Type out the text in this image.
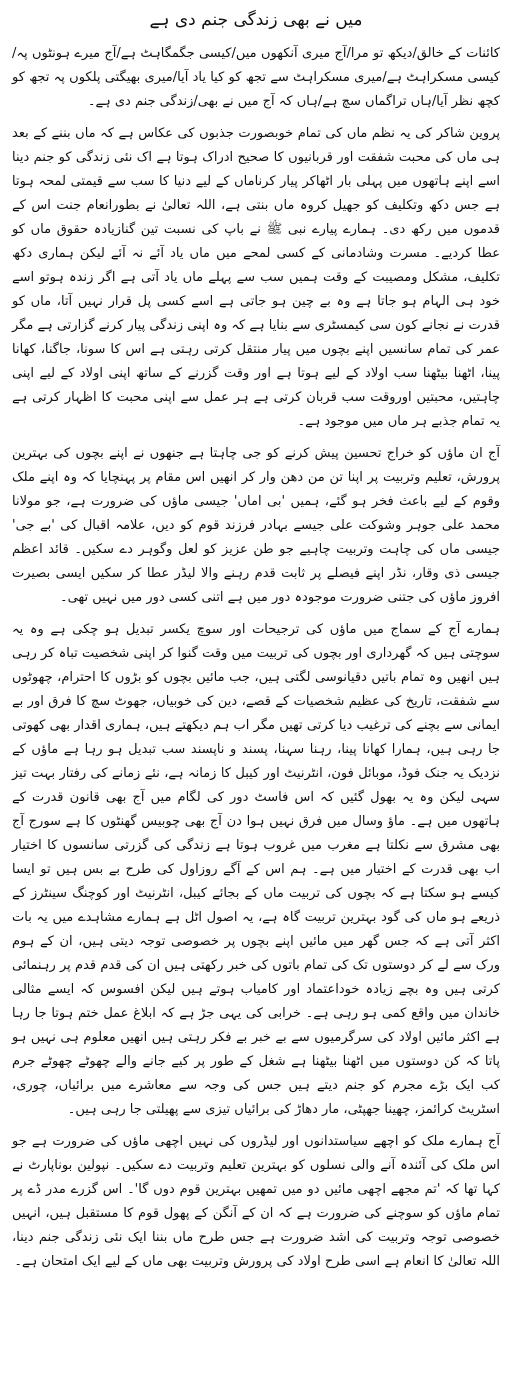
میں نے بھی زندگی جنم دی ہے

کائنات کے خالق/دیکھ تو مرا/آج میری آنکھوں میں/کیسی جگمگاہٹ ہے/آج میرے ہونٹوں پہ/کیسی مسکراہٹ ہے/میری مسکراہٹ سے تجھ کو کیا یاد آیا/میری بھیگتی پلکوں پہ تجھ کو کچھ نظر آیا/ہاں تراگماں سچ ہے/ہاں کہ آج میں نے بھی/زندگی جنم دی ہے۔

پروین شاکر کی یہ نظم ماں کی تمام خوبصورت جذبوں کی عکاس ہے کہ ماں بننے کے بعد ہی ماں کی محبت شفقت اور قربانیوں کا صحیح ادراک ہوتا ہے اک نئی زندگی کو جنم دینا اسے اپنے ہاتھوں میں پہلی بار اٹھاکر پیار کرناماں کے لیے دنیا کا سب سے قیمتی لمحہ ہوتا ہے جس دکھ وتکلیف کو جھیل کروہ ماں بنتی ہے، اللہ تعالیٰ نے بطورانعام جنت اس کے قدموں میں رکھ دی۔ ہمارے پیارے نبی ﷺ نے باپ کی نسبت تین گنازیادہ حقوق ماں کو عطا کردیے۔ مسرت وشادمانی کے کسی لمحے میں ماں یاد آئے نہ آئے لیکن ہماری دکھ تکلیف، مشکل ومصیبت کے وقت ہمیں سب سے پہلے ماں یاد آتی ہے اگر زندہ ہوتو اسے خود ہی الہام ہو جاتا ہے وہ بے چین ہو جاتی ہے اسے کسی پل قرار نہیں آتا، ماں کو قدرت نے نجانے کون سی کیمسٹری سے بنایا ہے کہ وہ اپنی زندگی پیار کرنے گزارتی ہے مگر عمر کی تمام سانسیں اپنے بچوں میں پیار منتقل کرتی رہتی ہے اس کا سونا، جاگنا، کھانا پینا، اٹھنا بیٹھنا سب اولاد کے لیے ہوتا ہے اور وقت گزرنے کے ساتھ اپنی اولاد کے لیے اپنی چاہتیں، محبتیں اوروقت سب قربان کرتی ہے ہر عمل سے اپنی محبت کا اظہار کرتی ہے یہ تمام جذبے ہر ماں میں موجود ہے۔

آج ان ماؤں کو خراج تحسین پیش کرنے کو جی چاہتا ہے جنھوں نے اپنے بچوں کی بہترین پرورش، تعلیم وتربیت پر اپنا تن من دھن وار کر انھیں اس مقام پر پہنچایا کہ وہ اپنے ملک وقوم کے لیے باعث فخر ہو گئے، ہمیں 'بی اماں' جیسی ماؤں کی ضرورت ہے، جو مولانا محمد علی جوہر وشوکت علی جیسے بہادر فرزند قوم کو دیں، علامہ اقبال کی 'بے جی' جیسی ماں کی چاہت وتربیت چاہیے جو طن عزیز کو لعل وگوہر دے سکیں۔ قائد اعظم جیسی ذی وقار، نڈر اپنے فیصلے پر ثابت قدم رہنے والا لیڈر عطا کر سکیں ایسی بصیرت افروز ماؤں کی جتنی ضرورت موجودہ دور میں ہے اتنی کسی دور میں نہیں تھی۔

ہمارے آج کے سماج میں ماؤں کی ترجیحات اور سوچ یکسر تبدیل ہو چکی ہے وہ یہ سوچتی ہیں کہ گھرداری اور بچوں کی تربیت میں وقت گنوا کر اپنی شخصیت تباہ کر رہی ہیں انھیں وہ تمام باتیں دقیانوسی لگتی ہیں، جب مائیں بچوں کو بڑوں کا احترام، چھوٹوں سے شفقت، تاریخ کی عظیم شخصیات کے قصے، دین کی خوبیاں، جھوٹ سچ کا فرق اور بے ایمانی سے بچنے کی ترغیب دیا کرتی تھیں مگر اب ہم دیکھتے ہیں، ہماری اقدار بھی کھوتی جا رہی ہیں، ہمارا کھانا پینا، رہنا سہنا، پسند و ناپسند سب تبدیل ہو رہا ہے ماؤں کے نزدیک یہ جنک فوڈ، موبائل فون، انٹرنیٹ اور کیبل کا زمانہ ہے، نئے زمانے کی رفتار بہت تیز سہی لیکن وہ یہ بھول گئیں کہ اس فاسٹ دور کی لگام میں آج بھی قانون قدرت کے ہاتھوں میں ہے۔ ماؤ وسال میں فرق نہیں ہوا دن آج بھی چوبیس گھنٹوں کا ہے سورج آج بھی مشرق سے نکلتا ہے مغرب میں غروب ہوتا ہے زندگی کی گزرتی سانسوں کا اختیار اب بھی قدرت کے اختیار میں ہے۔ ہم اس کے آگے روزاول کی طرح بے بس ہیں تو ایسا کیسے ہو سکتا ہے کہ بچوں کی تربیت ماں کے بجائے کیبل، انٹرنیٹ اور کوچنگ سینٹرز کے ذریعے ہو ماں کی گود بہترین تربیت گاہ ہے، یہ اصول اٹل ہے ہمارے مشاہدے میں یہ بات اکثر آتی ہے کہ جس گھر میں مائیں اپنے بچوں پر خصوصی توجہ دیتی ہیں، ان کے ہوم ورک سے لے کر دوستوں تک کی تمام باتوں کی خبر رکھتی ہیں ان کی قدم قدم پر رہنمائی کرتی ہیں وہ بچے زیادہ خوداعتماد اور کامیاب ہوتے ہیں لیکن افسوس کہ ایسے مثالی خاندان میں واقع کمی ہو رہی ہے۔ خرابی کی یہی جڑ ہے کہ ابلاغ عمل ختم ہوتا جا رہا ہے اکثر مائیں اولاد کی سرگرمیوں سے بے خبر بے فکر رہتی ہیں انھیں معلوم ہی نہیں ہو پاتا کہ کن دوستوں میں اٹھنا بیٹھنا ہے شغل کے طور پر کیے جانے والے چھوٹے چھوٹے جرم کب ایک بڑے مجرم کو جنم دیتے ہیں جس کی وجہ سے معاشرے میں برائیاں، چوری، اسٹریٹ کرائمز، چھینا جھپٹی، مار دھاڑ کی برائیاں تیزی سے پھیلتی جا رہی ہیں۔

آج ہمارے ملک کو اچھے سیاستدانوں اور لیڈروں کی نہیں اچھی ماؤں کی ضرورت ہے جو اس ملک کی آئندہ آنے والی نسلوں کو بہترین تعلیم وتربیت دے سکیں۔ نپولین بوناپارٹ نے کہا تھا کہ 'تم مجھے اچھی مائیں دو میں تمھیں بہترین قوم دوں گا'۔ اس گزرے مدر ڈے پر تمام ماؤں کو سوچنے کی ضرورت ہے کہ ان کے آنگن کے پھول قوم کا مستقبل ہیں، انہیں خصوصی توجہ وتربیت کی اشد ضرورت ہے جس طرح ماں بننا ایک نئی زندگی جنم دینا، اللہ تعالیٰ کا انعام ہے اسی طرح اولاد کی پرورش وتربیت بھی ماں کے لیے ایک امتحان ہے۔
